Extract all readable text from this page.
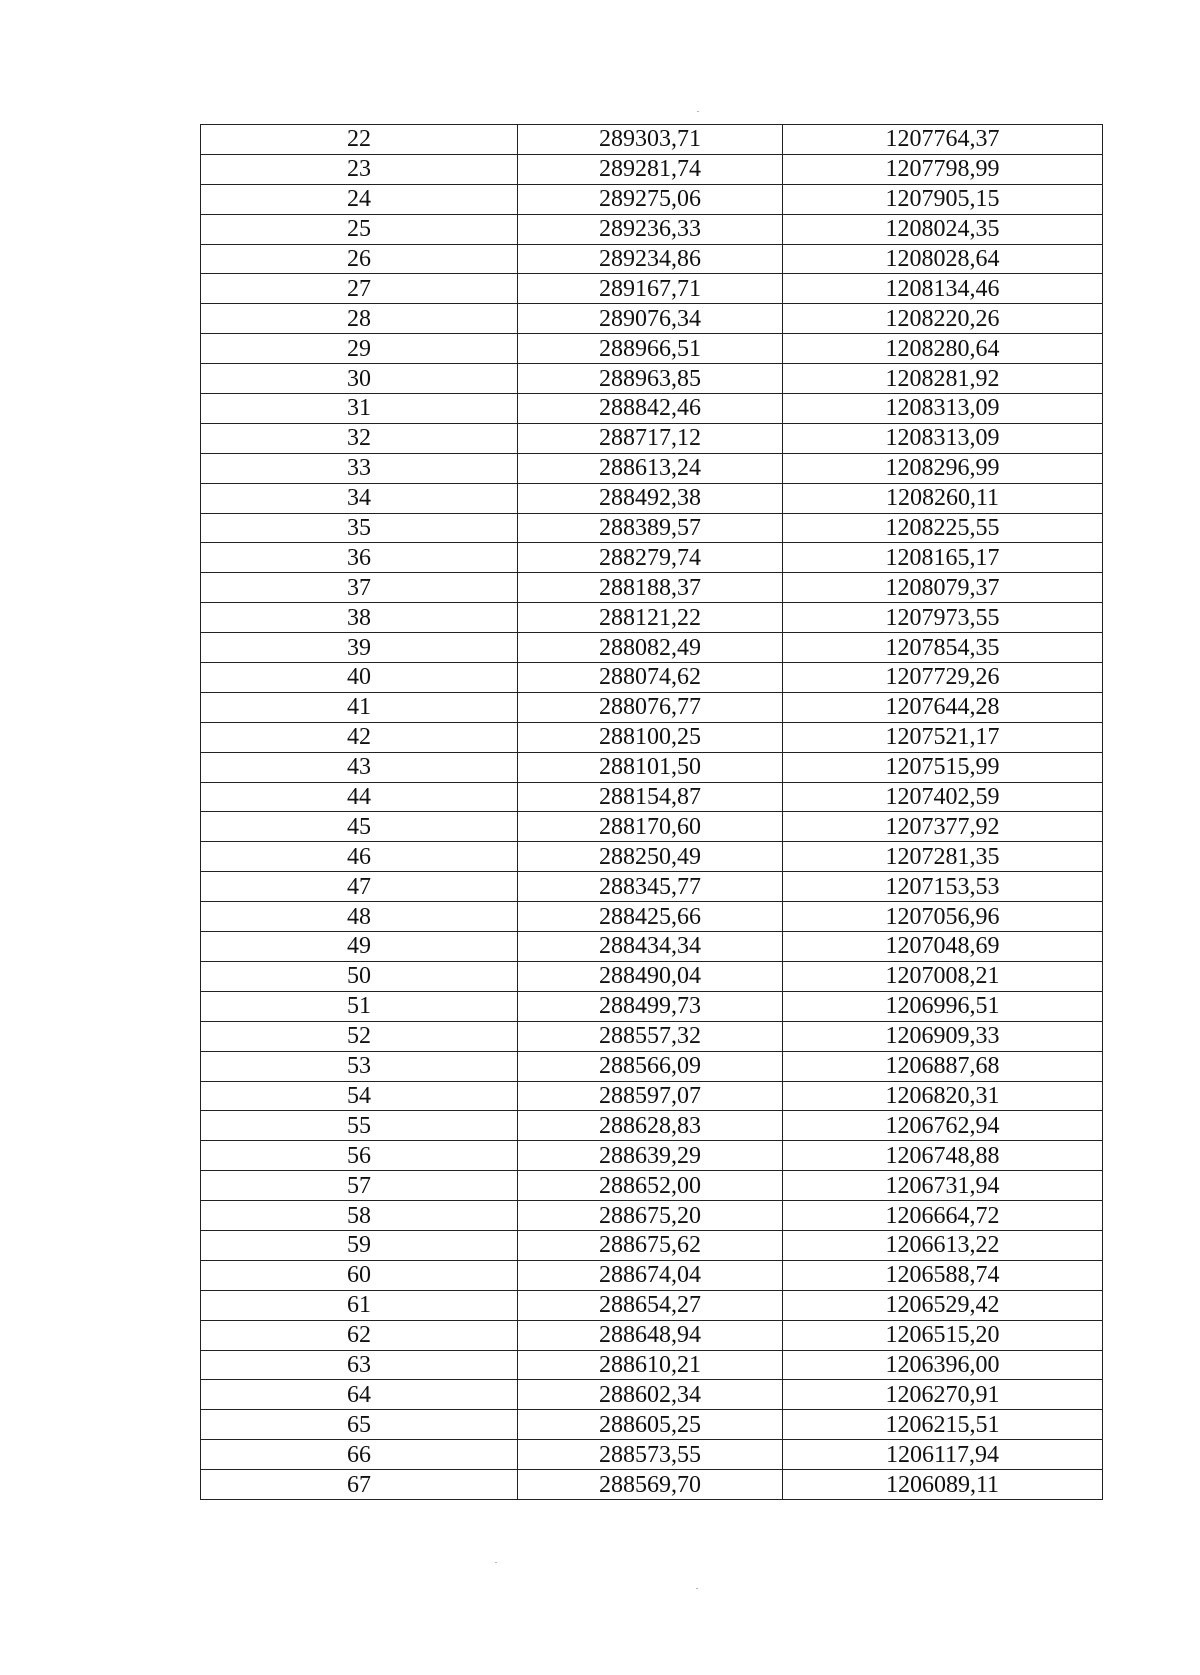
22	289303,71	1207764,37
23	289281,74	1207798,99
24	289275,06	1207905,15
25	289236,33	1208024,35
26	289234,86	1208028,64
27	289167,71	1208134,46
28	289076,34	1208220,26
29	288966,51	1208280,64
30	288963,85	1208281,92
31	288842,46	1208313,09
32	288717,12	1208313,09
33	288613,24	1208296,99
34	288492,38	1208260,11
35	288389,57	1208225,55
36	288279,74	1208165,17
37	288188,37	1208079,37
38	288121,22	1207973,55
39	288082,49	1207854,35
40	288074,62	1207729,26
41	288076,77	1207644,28
42	288100,25	1207521,17
43	288101,50	1207515,99
44	288154,87	1207402,59
45	288170,60	1207377,92
46	288250,49	1207281,35
47	288345,77	1207153,53
48	288425,66	1207056,96
49	288434,34	1207048,69
50	288490,04	1207008,21
51	288499,73	1206996,51
52	288557,32	1206909,33
53	288566,09	1206887,68
54	288597,07	1206820,31
55	288628,83	1206762,94
56	288639,29	1206748,88
57	288652,00	1206731,94
58	288675,20	1206664,72
59	288675,62	1206613,22
60	288674,04	1206588,74
61	288654,27	1206529,42
62	288648,94	1206515,20
63	288610,21	1206396,00
64	288602,34	1206270,91
65	288605,25	1206215,51
66	288573,55	1206117,94
67	288569,70	1206089,11
